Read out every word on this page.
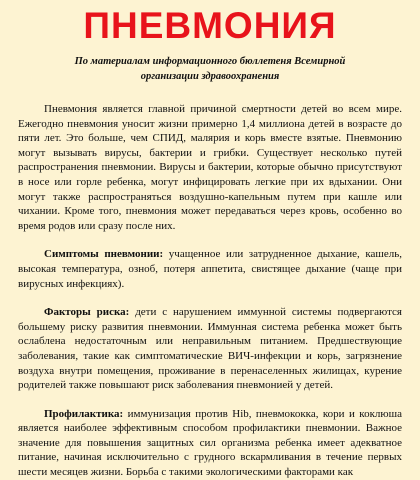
ПНЕВМОНИЯ
По материалам информационного бюллетеня Всемирной организации здравоохранения

Пневмония является главной причиной смертности детей во всем мире. Ежегодно пневмония уносит жизни примерно 1,4 миллиона детей в возрасте до пяти лет. Это больше, чем СПИД, малярия и корь вместе взятые. Пневмонию могут вызывать вирусы, бактерии и грибки. Существует несколько путей распространения пневмонии. Вирусы и бактерии, которые обычно присутствуют в носе или горле ребенка, могут инфицировать легкие при их вдыхании. Они могут также распространяться воздушно-капельным путем при кашле или чихании. Кроме того, пневмония может передаваться через кровь, особенно во время родов или сразу после них.

Симптомы пневмонии: учащенное или затрудненное дыхание, кашель, высокая температура, озноб, потеря аппетита, свистящее дыхание (чаще при вирусных инфекциях).

Факторы риска: дети с нарушением иммунной системы подвергаются большему риску развития пневмонии. Иммунная система ребенка может быть ослаблена недостаточным или неправильным питанием. Предшествующие заболевания, такие как симптоматические ВИЧ-инфекции и корь, загрязнение воздуха внутри помещения, проживание в перенаселенных жилищах, курение родителей также повышают риск заболевания пневмонией у детей.

Профилактика: иммунизация против Hib, пневмококка, кори и коклюша является наиболее эффективным способом профилактики пневмонии. Важное значение для повышения защитных сил организма ребенка имеет адекватное питание, начиная исключительно с грудного вскармливания в течение первых шести месяцев жизни. Борьба с такими экологическими факторами как
